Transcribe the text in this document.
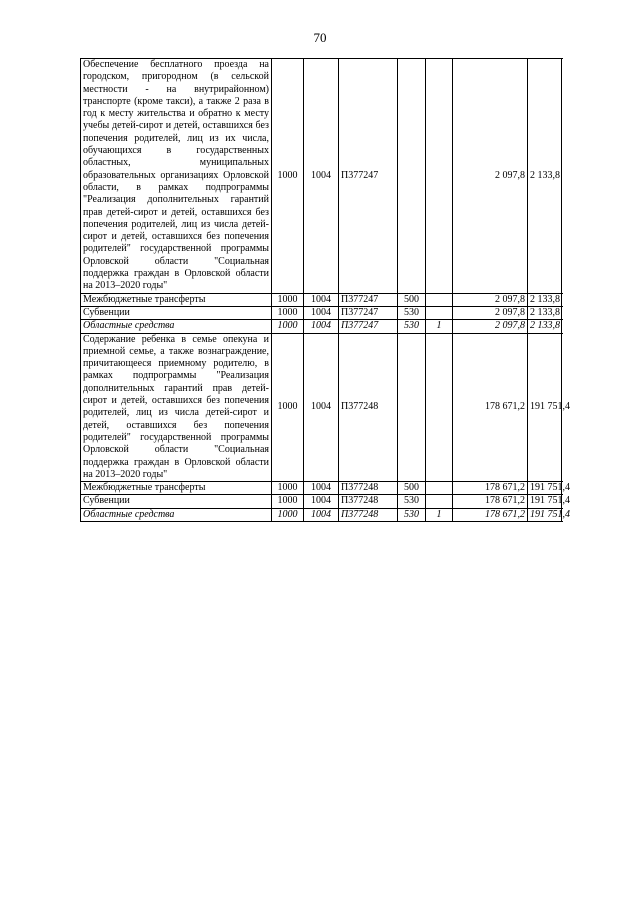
70
Обеспечение бесплатного проезда на городском, пригородном (в сельской местности - на внутрирайонном) транспорте (кроме такси), а также 2 раза в год к месту жительства и обратно к месту учебы детей-сирот и детей, оставшихся без попечения родителей, лиц из их числа, обучающихся в государственных областных, муниципальных образовательных организациях Орловской области, в рамках подпрограммы "Реализация дополнительных гарантий прав детей-сирот и детей, оставшихся без попечения родителей, лиц из числа детей-сирот и детей, оставшихся без попечения родителей" государственной программы Орловской области "Социальная поддержка граждан в Орловской области на 2013–2020 годы"	1000	1004	П377247			2 097,8	2 133,8
Межбюджетные трансферты	1000	1004	П377247	500		2 097,8	2 133,8
Субвенции	1000	1004	П377247	530		2 097,8	2 133,8
Областные средства	1000	1004	П377247	530	1	2 097,8	2 133,8
Содержание ребенка в семье опекуна и приемной семье, а также вознаграждение, причитающееся приемному родителю, в рамках подпрограммы "Реализация дополнительных гарантий прав детей-сирот и детей, оставшихся без попечения родителей, лиц из числа детей-сирот и детей, оставшихся без попечения родителей" государственной программы Орловской области "Социальная поддержка граждан в Орловской области на 2013–2020 годы"	1000	1004	П377248			178 671,2	191 751,4
Межбюджетные трансферты	1000	1004	П377248	500		178 671,2	191 751,4
Субвенции	1000	1004	П377248	530		178 671,2	191 751,4
Областные средства	1000	1004	П377248	530	1	178 671,2	191 751,4
